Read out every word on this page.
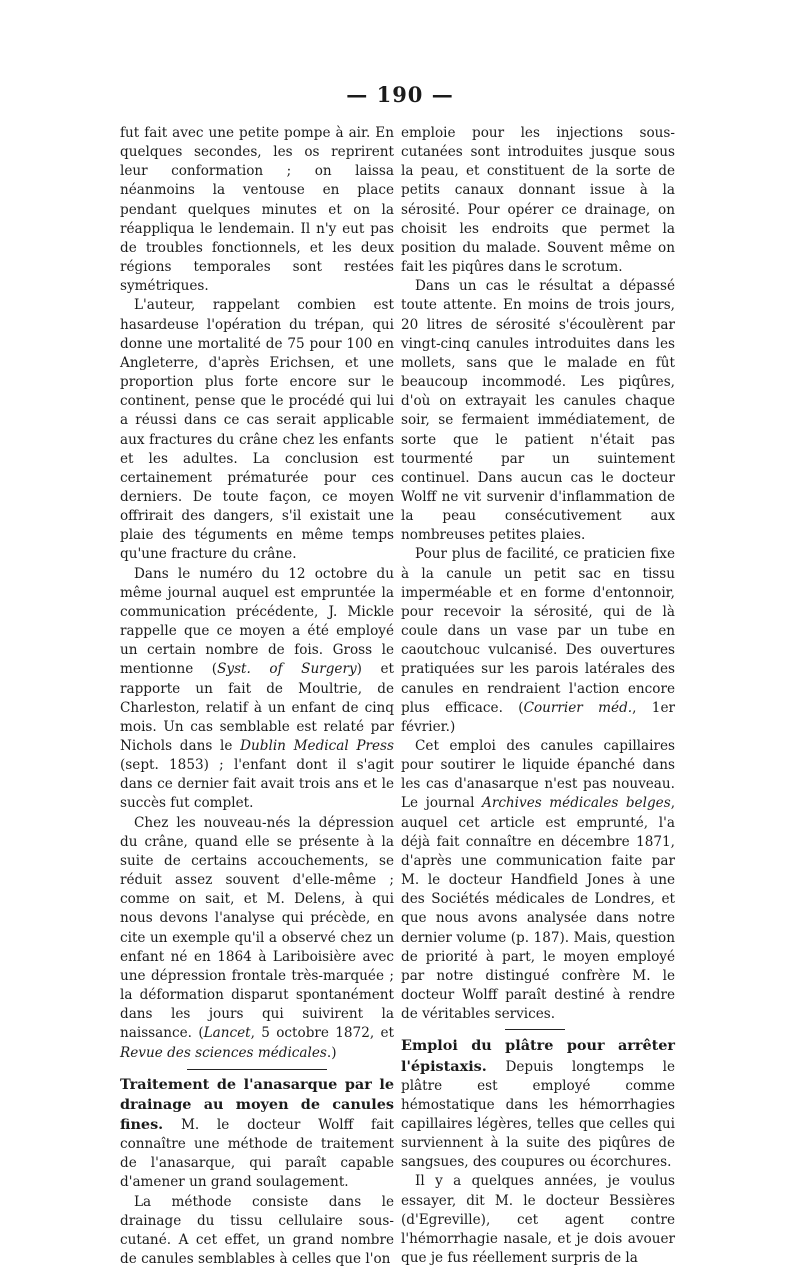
— 190 —

fut fait avec une petite pompe à air. En quelques secondes, les os reprirent leur conformation ; on laissa néanmoins la ventouse en place pendant quelques minutes et on la réappliqua le lendemain. Il n'y eut pas de troubles fonctionnels, et les deux régions temporales sont restées symétriques.

L'auteur, rappelant combien est hasardeuse l'opération du trépan, qui donne une mortalité de 75 pour 100 en Angleterre, d'après Erichsen, et une proportion plus forte encore sur le continent, pense que le procédé qui lui a réussi dans ce cas serait applicable aux fractures du crâne chez les enfants et les adultes. La conclusion est certainement prématurée pour ces derniers. De toute façon, ce moyen offrirait des dangers, s'il existait une plaie des téguments en même temps qu'une fracture du crâne.

Dans le numéro du 12 octobre du même journal auquel est empruntée la communication précédente, J. Mickle rappelle que ce moyen a été employé un certain nombre de fois. Gross le mentionne (Syst. of Surgery) et rapporte un fait de Moultrie, de Charleston, relatif à un enfant de cinq mois. Un cas semblable est relaté par Nichols dans le Dublin Medical Press (sept. 1853) ; l'enfant dont il s'agit dans ce dernier fait avait trois ans et le succès fut complet.

Chez les nouveau-nés la dépression du crâne, quand elle se présente à la suite de certains accouchements, se réduit assez souvent d'elle-même ; comme on sait, et M. Delens, à qui nous devons l'analyse qui précède, en cite un exemple qu'il a observé chez un enfant né en 1864 à Lariboisière avec une dépression frontale très-marquée ; la déformation disparut spontanément dans les jours qui suivirent la naissance. (Lancet, 5 octobre 1872, et Revue des sciences médicales.)

Traitement de l'anasarque par le drainage au moyen de canules fines. M. le docteur Wolff fait connaître une méthode de traitement de l'anasarque, qui paraît capable d'amener un grand soulagement.

La méthode consiste dans le drainage du tissu cellulaire sous-cutané. A cet effet, un grand nombre de canules semblables à celles que l'on

emploie pour les injections sous-cutanées sont introduites jusque sous la peau, et constituent de la sorte de petits canaux donnant issue à la sérosité. Pour opérer ce drainage, on choisit les endroits que permet la position du malade. Souvent même on fait les piqûres dans le scrotum.

Dans un cas le résultat a dépassé toute attente. En moins de trois jours, 20 litres de sérosité s'écoulèrent par vingt-cinq canules introduites dans les mollets, sans que le malade en fût beaucoup incommodé. Les piqûres, d'où on extrayait les canules chaque soir, se fermaient immédiatement, de sorte que le patient n'était pas tourmenté par un suintement continuel. Dans aucun cas le docteur Wolff ne vit survenir d'inflammation de la peau consécutivement aux nombreuses petites plaies.

Pour plus de facilité, ce praticien fixe à la canule un petit sac en tissu imperméable et en forme d'entonnoir, pour recevoir la sérosité, qui de là coule dans un vase par un tube en caoutchouc vulcanisé. Des ouvertures pratiquées sur les parois latérales des canules en rendraient l'action encore plus efficace. (Courrier méd., 1er février.)

Cet emploi des canules capillaires pour soutirer le liquide épanché dans les cas d'anasarque n'est pas nouveau. Le journal Archives médicales belges, auquel cet article est emprunté, l'a déjà fait connaître en décembre 1871, d'après une communication faite par M. le docteur Handfield Jones à une des Sociétés médicales de Londres, et que nous avons analysée dans notre dernier volume (p. 187). Mais, question de priorité à part, le moyen employé par notre distingué confrère M. le docteur Wolff paraît destiné à rendre de véritables services.

Emploi du plâtre pour arrêter l'épistaxis. Depuis longtemps le plâtre est employé comme hémostatique dans les hémorrhagies capillaires légères, telles que celles qui surviennent à la suite des piqûres de sangsues, des coupures ou écorchures.

Il y a quelques années, je voulus essayer, dit M. le docteur Bessières (d'Egreville), cet agent contre l'hémorrhagie nasale, et je dois avouer que je fus réellement surpris de la
